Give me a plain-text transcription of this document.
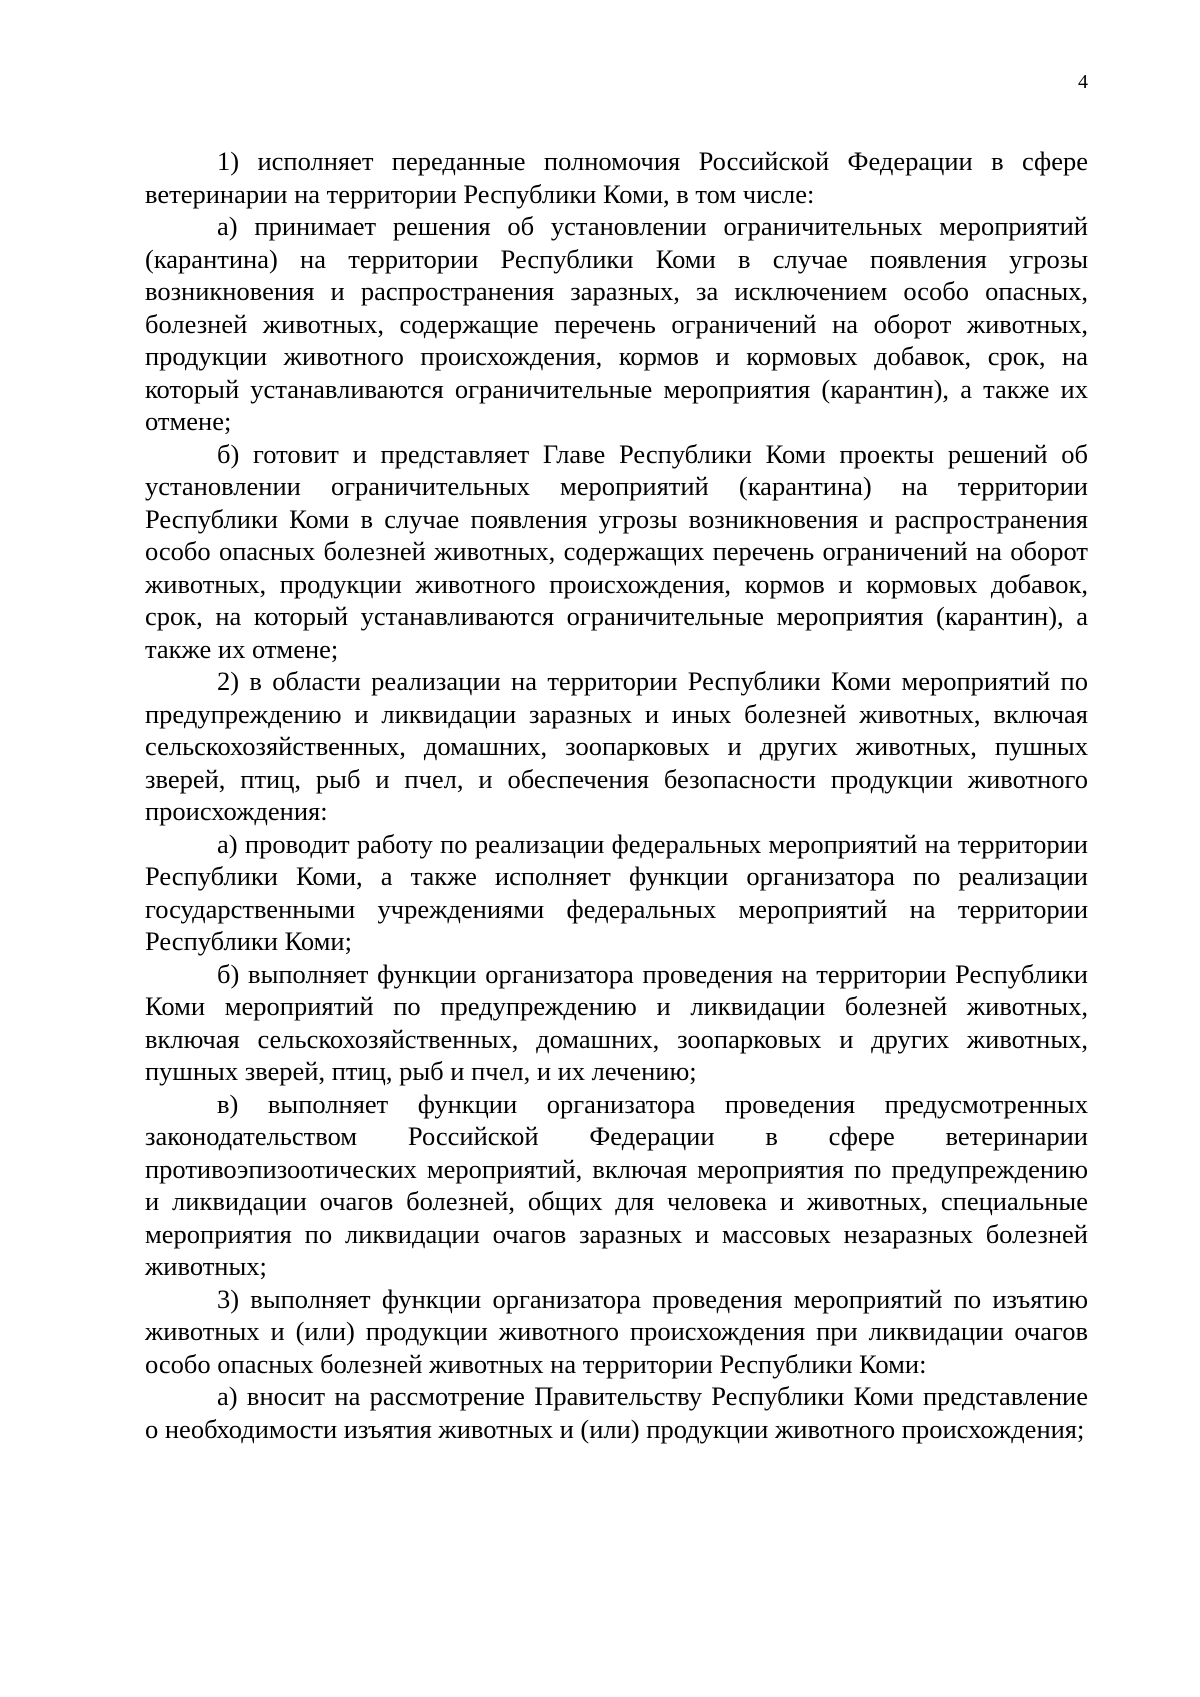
4

1) исполняет переданные полномочия Российской Федерации в сфере ветеринарии на территории Республики Коми, в том числе:

а) принимает решения об установлении ограничительных мероприятий (карантина) на территории Республики Коми в случае появления угрозы возникновения и распространения заразных, за исключением особо опасных, болезней животных, содержащие перечень ограничений на оборот животных, продукции животного происхождения, кормов и кормовых добавок, срок, на который устанавливаются ограничительные мероприятия (карантин), а также их отмене;

б) готовит и представляет Главе Республики Коми проекты решений об установлении ограничительных мероприятий (карантина) на территории Республики Коми в случае появления угрозы возникновения и распространения особо опасных болезней животных, содержащих перечень ограничений на оборот животных, продукции животного происхождения, кормов и кормовых добавок, срок, на который устанавливаются ограничительные мероприятия (карантин), а также их отмене;

2) в области реализации на территории Республики Коми мероприятий по предупреждению и ликвидации заразных и иных болезней животных, включая сельскохозяйственных, домашних, зоопарковых и других животных, пушных зверей, птиц, рыб и пчел, и обеспечения безопасности продукции животного происхождения:

а) проводит работу по реализации федеральных мероприятий на территории Республики Коми, а также исполняет функции организатора по реализации государственными учреждениями федеральных мероприятий на территории Республики Коми;

б) выполняет функции организатора проведения на территории Республики Коми мероприятий по предупреждению и ликвидации болезней животных, включая сельскохозяйственных, домашних, зоопарковых и других животных, пушных зверей, птиц, рыб и пчел, и их лечению;

в) выполняет функции организатора проведения предусмотренных законодательством Российской Федерации в сфере ветеринарии противоэпизоотических мероприятий, включая мероприятия по предупреждению и ликвидации очагов болезней, общих для человека и животных, специальные мероприятия по ликвидации очагов заразных и массовых незаразных болезней животных;

3) выполняет функции организатора проведения мероприятий по изъятию животных и (или) продукции животного происхождения при ликвидации очагов особо опасных болезней животных на территории Республики Коми:

а) вносит на рассмотрение Правительству Республики Коми представление о необходимости изъятия животных и (или) продукции животного происхождения;
